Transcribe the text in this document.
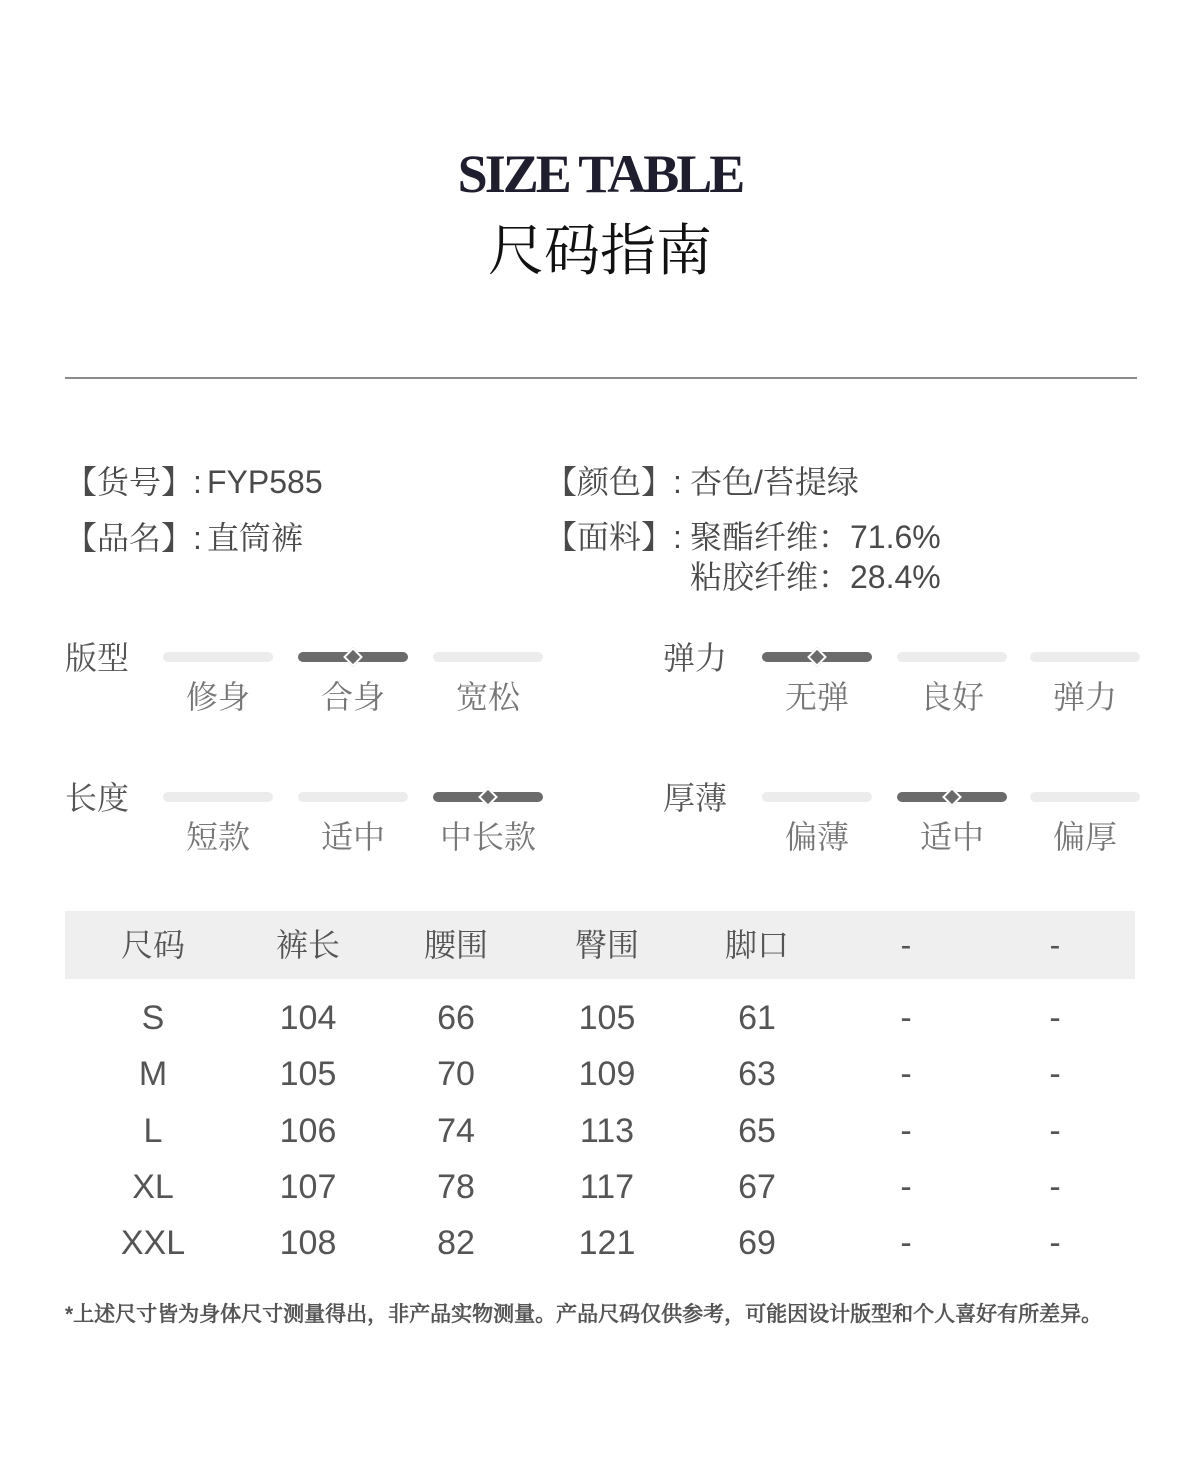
SIZE TABLE
尺码指南
【货号】: FYP585
【品名】: 直筒裤
【颜色】: 杏色/苔提绿
【面料】: 聚酯纤维：71.6%
粘胶纤维：28.4%
版型
修身	合身	宽松
弹力
无弹	良好	弹力
长度
短款	适中	中长款
厚薄
偏薄	适中	偏厚
尺码	裤长	腰围	臀围	脚口	-	-
S	104	66	105	61	-	-
M	105	70	109	63	-	-
L	106	74	113	65	-	-
XL	107	78	117	67	-	-
XXL	108	82	121	69	-	-
*上述尺寸皆为身体尺寸测量得出，非产品实物测量。产品尺码仅供参考，可能因设计版型和个人喜好有所差异。
